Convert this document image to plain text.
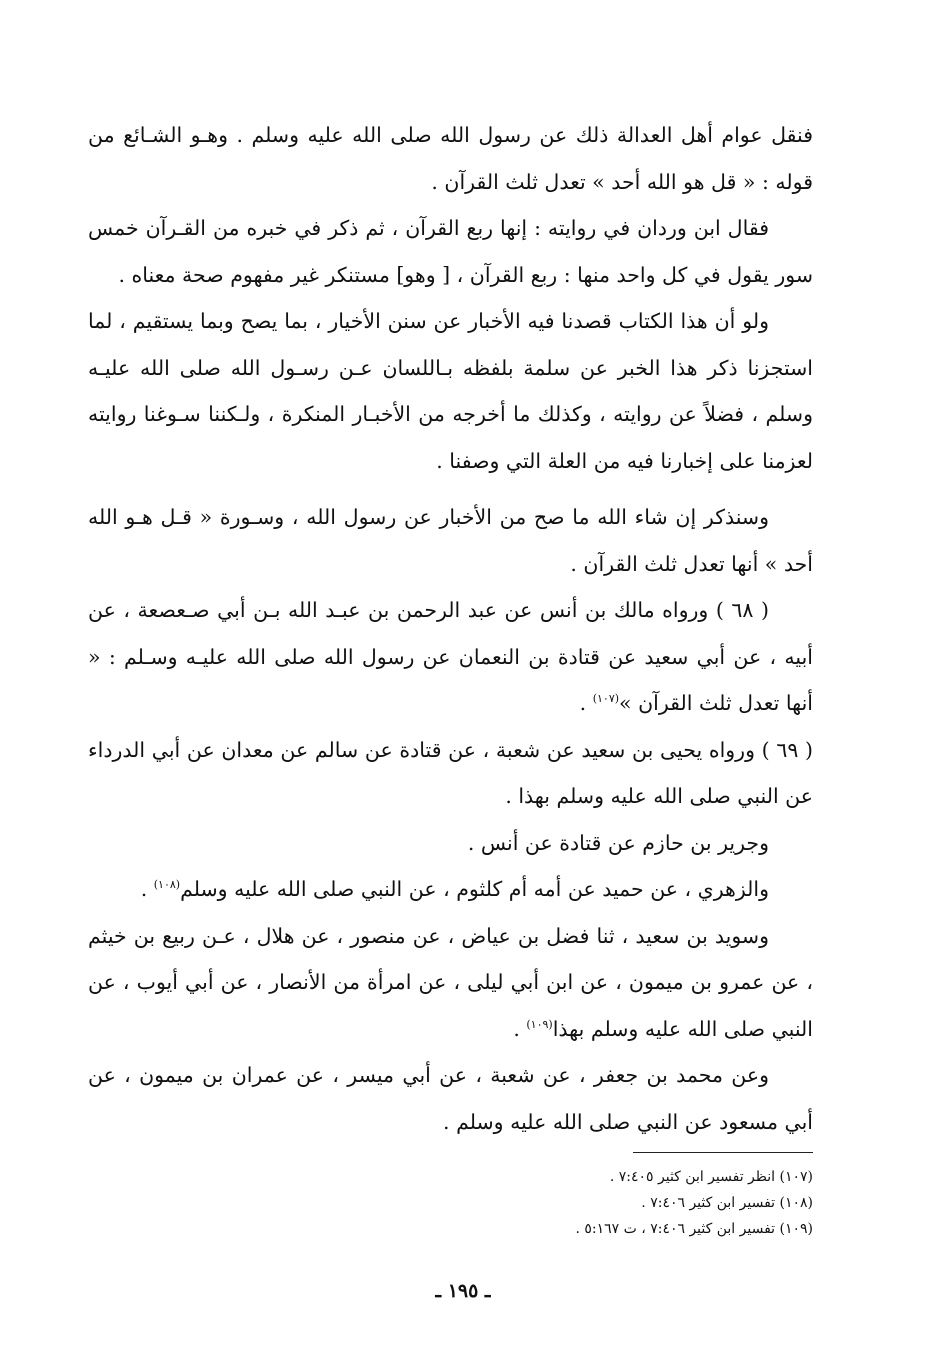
فنقل عوام أهل العدالة ذلك عن رسول الله صلى الله عليه وسلم . وهـو الشـائع من قوله : « قل هو الله أحد » تعدل ثلث القرآن .

فقال ابن وردان في روايته : إنها ربع القرآن ، ثم ذكر في خبره من القـرآن خمس سور يقول في كل واحد منها : ربع القرآن ، [ وهو] مستنكر غير مفهوم صحة معناه .

ولو أن هذا الكتاب قصدنا فيه الأخبار عن سنن الأخيار ، بما يصح وبما يستقيم ، لما استجزنا ذكر هذا الخبر عن سلمة بلفظه بـاللسان عـن رسـول الله صلى الله عليـه وسلم ، فضلاً عن روايته ، وكذلك ما أخرجه من الأخبـار المنكرة ، ولـكننا سـوغنا روايته لعزمنا على إخبارنا فيه من العلة التي وصفنا .

وسنذكر إن شاء الله ما صح من الأخبار عن رسول الله ، وسـورة « قـل هـو الله أحد » أنها تعدل ثلث القرآن .

( ٦٨ ) ورواه مالك بن أنس عن عبد الرحمن بن عبـد الله بـن أبي صـعصعة ، عن أبيه ، عن أبي سعيد عن قتادة بن النعمان عن رسول الله صلى الله عليـه وسـلم : « أنها تعدل ثلث القرآن »$^{(١٠٧)}$ .

( ٦٩ ) ورواه يحيى بن سعيد عن شعبة ، عن قتادة عن سالم عن معدان عن أبي الدرداء عن النبي صلى الله عليه وسلم بهذا .

وجرير بن حازم عن قتادة عن أنس .

والزهري ، عن حميد عن أمه أم كلثوم ، عن النبي صلى الله عليه وسلم$^{(١٠٨)}$ .

وسويد بن سعيد ، ثنا فضل بن عياض ، عن منصور ، عن هلال ، عـن ربيع بن خيثم ، عن عمرو بن ميمون ، عن ابن أبي ليلى ، عن امرأة من الأنصار ، عن أبي أيوب ، عن النبي صلى الله عليه وسلم بهذا$^{(١٠٩)}$ .

وعن محمد بن جعفر ، عن شعبة ، عن أبي ميسر ، عن عمران بن ميمون ، عن أبي مسعود عن النبي صلى الله عليه وسلم .

(١٠٧) انظر تفسير ابن كثير ٧:٤٠٥ .

(١٠٨) تفسير ابن كثير ٧:٤٠٦ .

(١٠٩) تفسير ابن كثير ٧:٤٠٦ ، ت ٥:١٦٧ .

ـ ١٩٥ ـ
